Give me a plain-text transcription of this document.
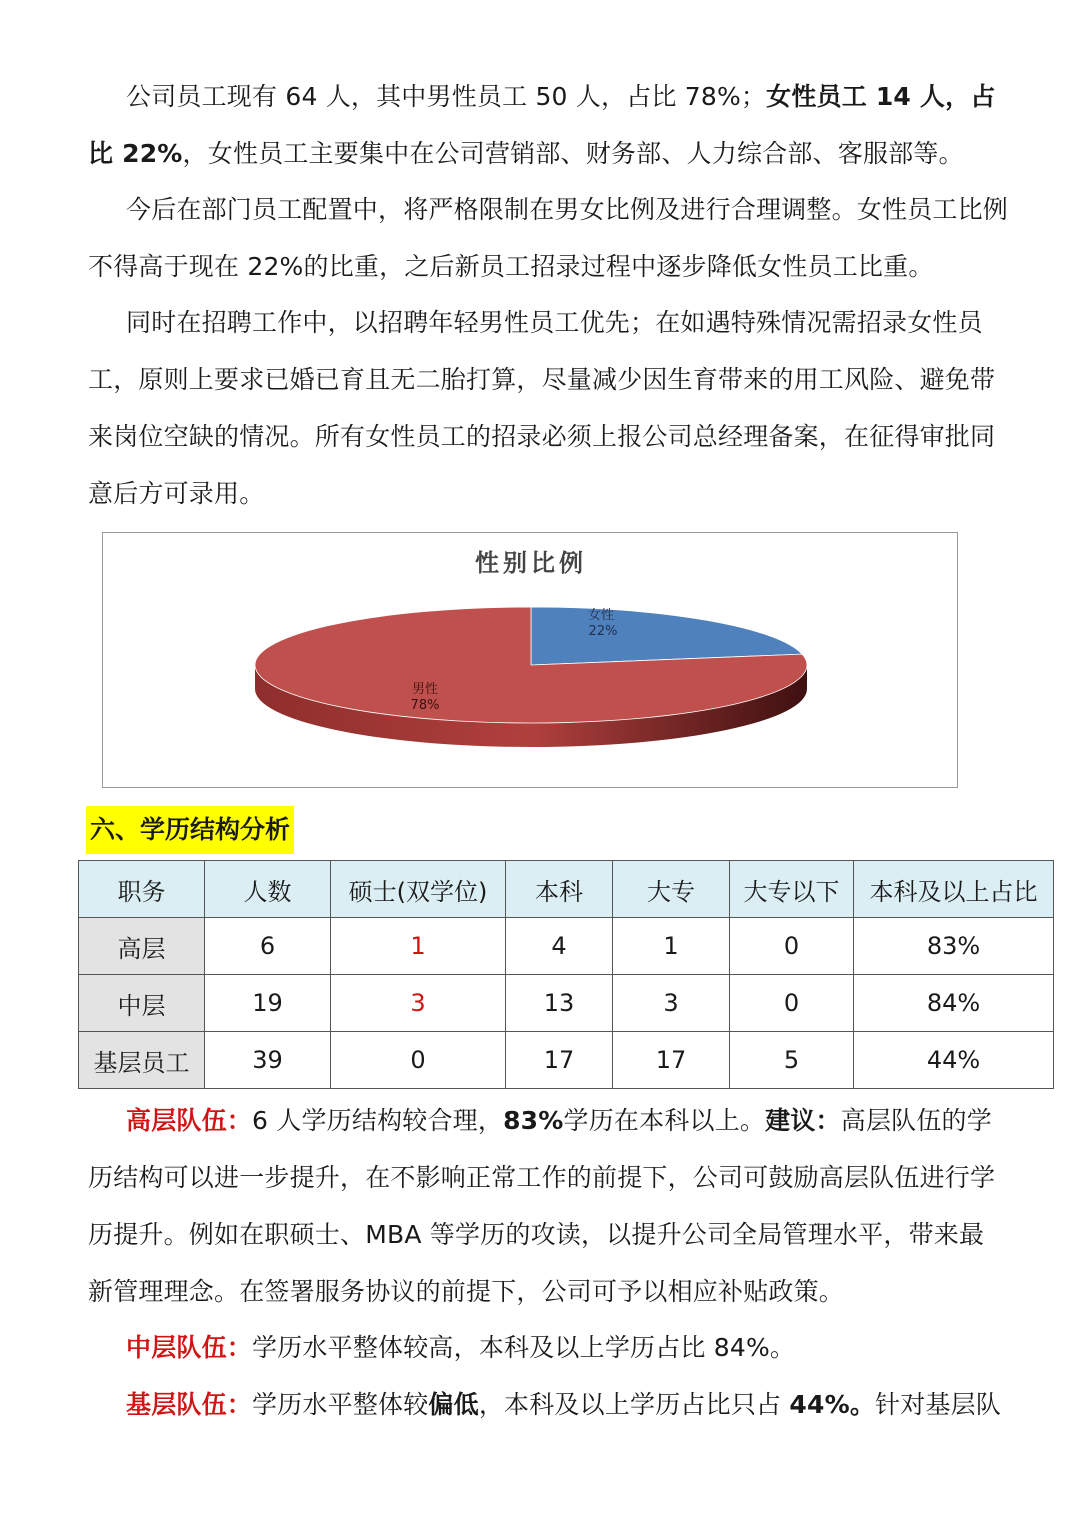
公司员工现有 64 人，其中男性员工 50 人，占比 78%；女性员工 14 人，占比 22%，女性员工主要集中在公司营销部、财务部、人力综合部、客服部等。

今后在部门员工配置中，将严格限制在男女比例及进行合理调整。女性员工比例不得高于现在 22%的比重，之后新员工招录过程中逐步降低女性员工比重。

同时在招聘工作中，以招聘年轻男性员工优先；在如遇特殊情况需招录女性员工，原则上要求已婚已育且无二胎打算，尽量减少因生育带来的用工风险、避免带来岗位空缺的情况。所有女性员工的招录必须上报公司总经理备案，在征得审批同意后方可录用。

性别比例
女性
22%
男性
78%
六、学历结构分析
职务	人数	硕士(双学位)	本科	大专	大专以下	本科及以上占比
高层	6	1	4	1	0	83%
中层	19	3	13	3	0	84%
基层员工	39	0	17	17	5	44%

高层队伍：6 人学历结构较合理，83%学历在本科以上。建议：高层队伍的学历结构可以进一步提升，在不影响正常工作的前提下，公司可鼓励高层队伍进行学历提升。例如在职硕士、MBA 等学历的攻读，以提升公司全局管理水平，带来最新管理理念。在签署服务协议的前提下，公司可予以相应补贴政策。

中层队伍：学历水平整体较高，本科及以上学历占比 84%。

基层队伍：学历水平整体较偏低，本科及以上学历占比只占 44%。针对基层队
